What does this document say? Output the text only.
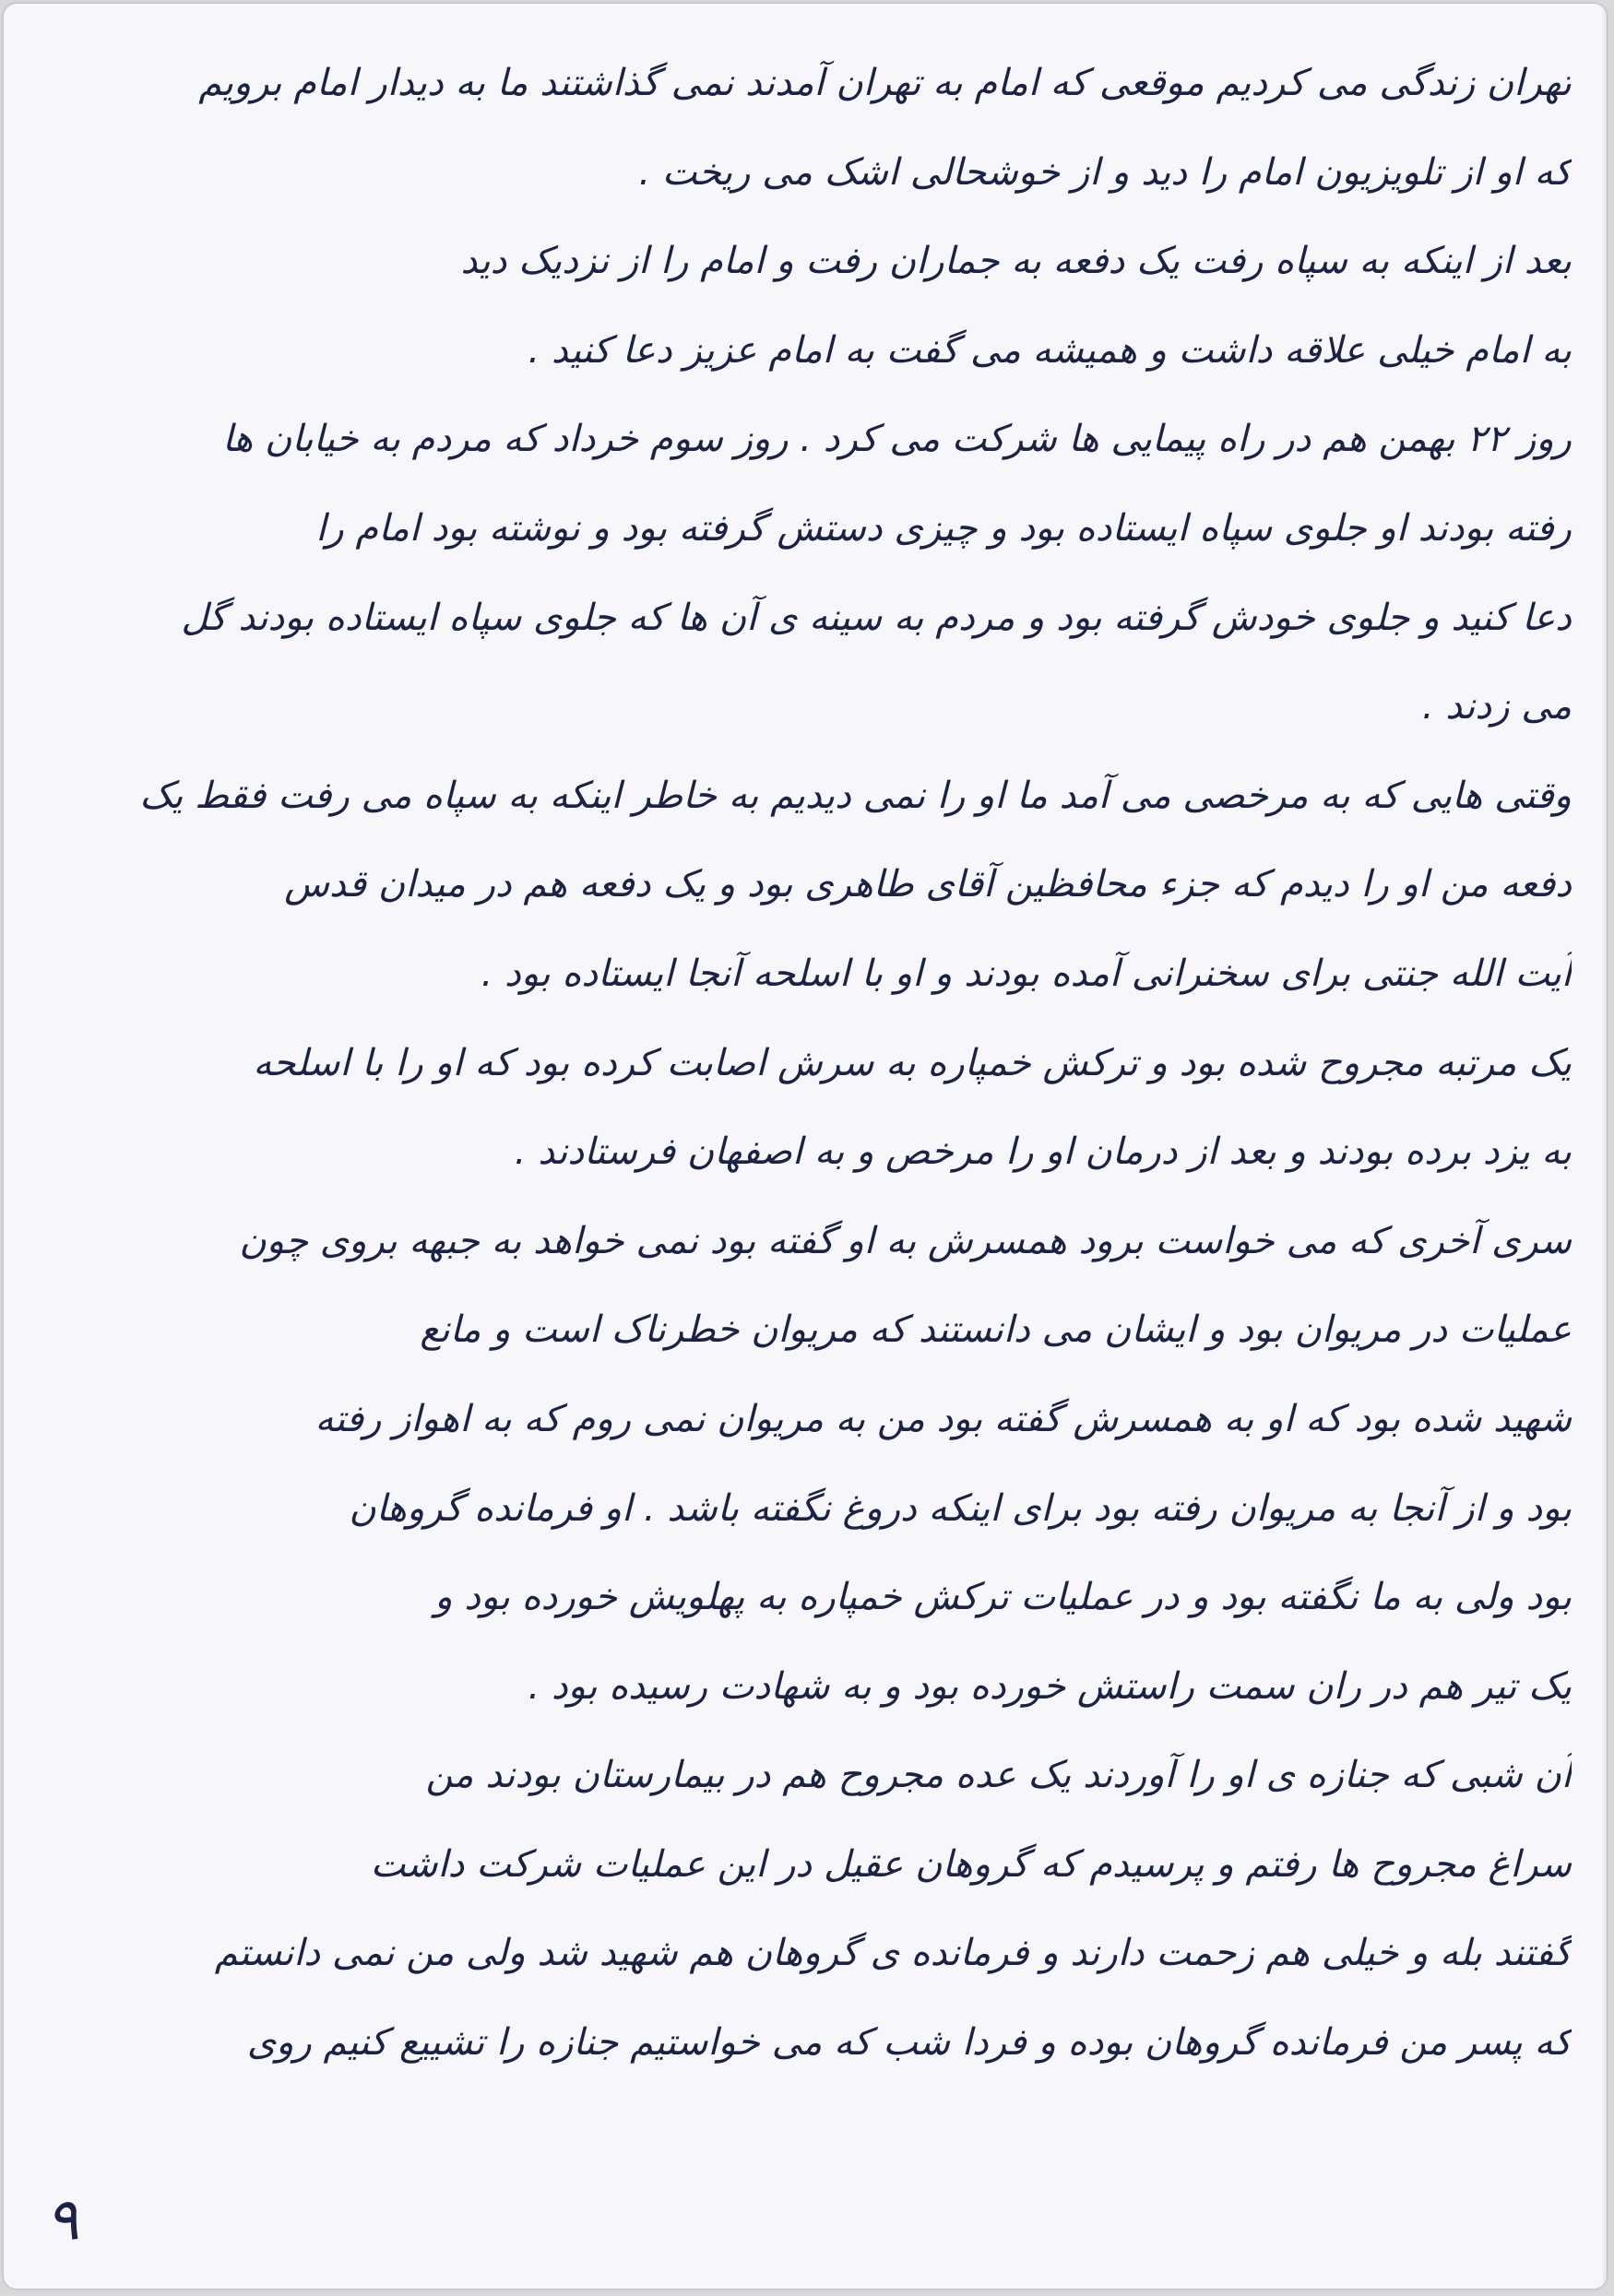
تهران زندگی می کردیم موقعی که امام به تهران آمدند نمی گذاشتند ما به دیدار امام برویم
که او از تلویزیون امام را دید و از خوشحالی اشک می ریخت .
بعد از اینکه به سپاه رفت یک دفعه به جماران رفت و امام را از نزدیک دید
به امام خیلی علاقه داشت و همیشه می گفت به امام عزیز دعا کنید .
روز ۲۲ بهمن هم در راه پیمایی ها شرکت می کرد . روز سوم خرداد که مردم به خیابان ها
رفته بودند او جلوی سپاه ایستاده بود و چیزی دستش گرفته بود و نوشته بود امام را
دعا کنید و جلوی خودش گرفته بود و مردم به سینه ی آن ها که جلوی سپاه ایستاده بودند گل
می زدند .
وقتی هایی که به مرخصی می آمد ما او را نمی دیدیم به خاطر اینکه به سپاه می رفت فقط یک
دفعه من او را دیدم که جزء محافظین آقای طاهری بود و یک دفعه هم در میدان قدس
آیت الله جنتی برای سخنرانی آمده بودند و او با اسلحه آنجا ایستاده بود .
یک مرتبه مجروح شده بود و ترکش خمپاره به سرش اصابت کرده بود که او را با اسلحه
به یزد برده بودند و بعد از درمان او را مرخص و به اصفهان فرستادند .
سری آخری که می خواست برود همسرش به او گفته بود نمی خواهد به جبهه بروی چون
عملیات در مریوان بود و ایشان می دانستند که مریوان خطرناک است و مانع
شهید شده بود که او به همسرش گفته بود من به مریوان نمی روم که به اهواز رفته
بود و از آنجا به مریوان رفته بود برای اینکه دروغ نگفته باشد . او فرمانده گروهان
بود ولی به ما نگفته بود و در عملیات ترکش خمپاره به پهلویش خورده بود و
یک تیر هم در ران سمت راستش خورده بود و به شهادت رسیده بود .
آن شبی که جنازه ی او را آوردند یک عده مجروح هم در بیمارستان بودند من
سراغ مجروح ها رفتم و پرسیدم که گروهان عقیل در این عملیات شرکت داشت
گفتند بله و خیلی هم زحمت دارند و فرمانده ی گروهان هم شهید شد ولی من نمی دانستم
که پسر من فرمانده گروهان بوده و فردا شب که می خواستیم جنازه را تشییع کنیم روی
۹
